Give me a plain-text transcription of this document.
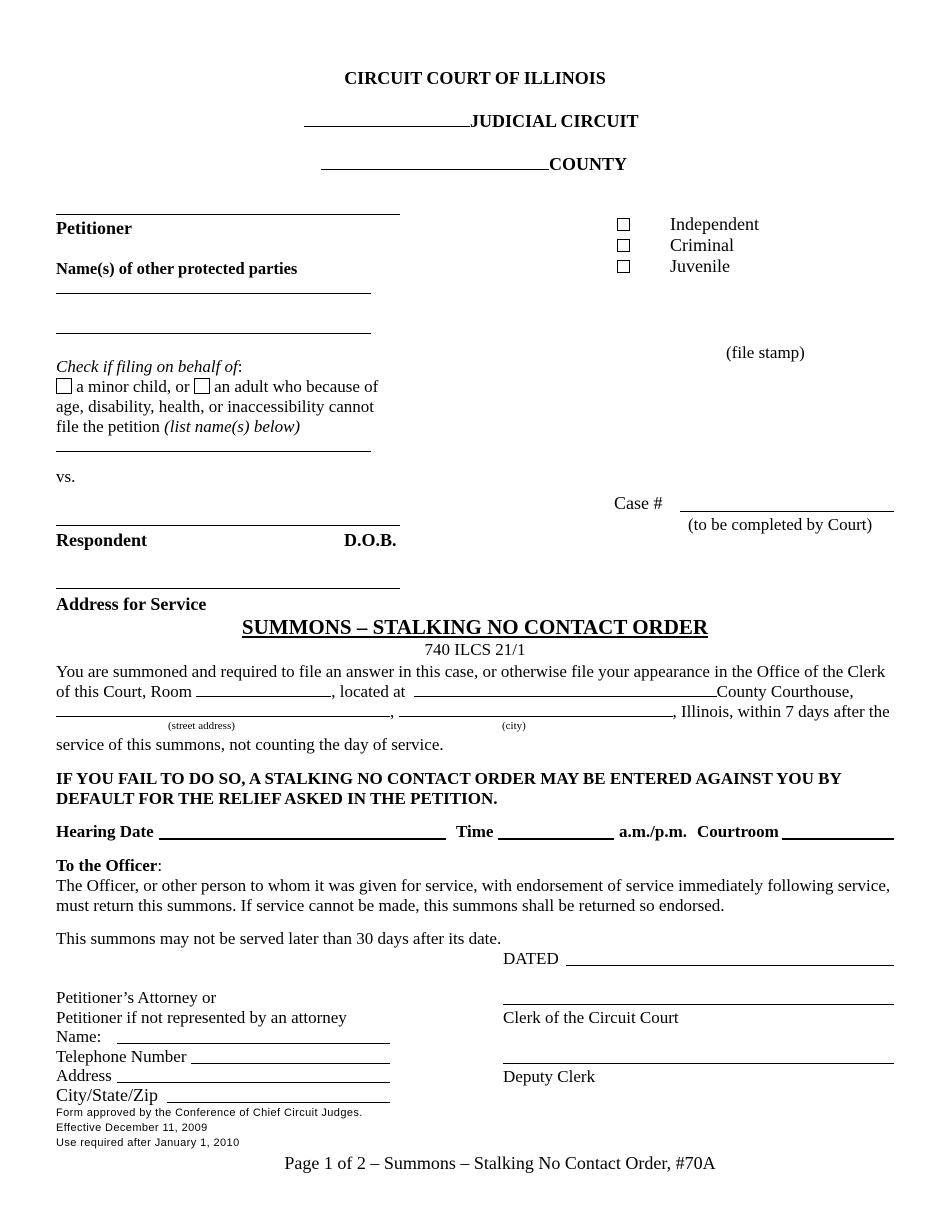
CIRCUIT COURT OF ILLINOIS
JUDICIAL CIRCUIT
COUNTY
Petitioner
Name(s) of other protected parties
Check if filing on behalf of:
a minor child, or an adult who because of
age, disability, health, or inaccessibility cannot
file the petition (list name(s) below)
vs.
Respondent	D.O.B.
Address for Service
Independent
Criminal
Juvenile
(file stamp)
Case #
(to be completed by Court)
SUMMONS – STALKING NO CONTACT ORDER
740 ILCS 21/1
You are summoned and required to file an answer in this case, or otherwise file your appearance in the Office of the Clerk
of this Court, Room	, located at	County Courthouse,
,	, Illinois, within 7 days after the
(street address)	(city)
service of this summons, not counting the day of service.
IF YOU FAIL TO DO SO, A STALKING NO CONTACT ORDER MAY BE ENTERED AGAINST YOU BY
DEFAULT FOR THE RELIEF ASKED IN THE PETITION.
Hearing Date	Time	a.m./p.m. Courtroom
To the Officer:
The Officer, or other person to whom it was given for service, with endorsement of service immediately following service,
must return this summons. If service cannot be made, this summons shall be returned so endorsed.
This summons may not be served later than 30 days after its date.
DATED
Petitioner’s Attorney or
Petitioner if not represented by an attorney
Name:
Telephone Number
Address
City/State/Zip
Clerk of the Circuit Court
Deputy Clerk
Form approved by the Conference of Chief Circuit Judges.
Effective December 11, 2009
Use required after January 1, 2010
Page 1 of 2 – Summons – Stalking No Contact Order, #70A
